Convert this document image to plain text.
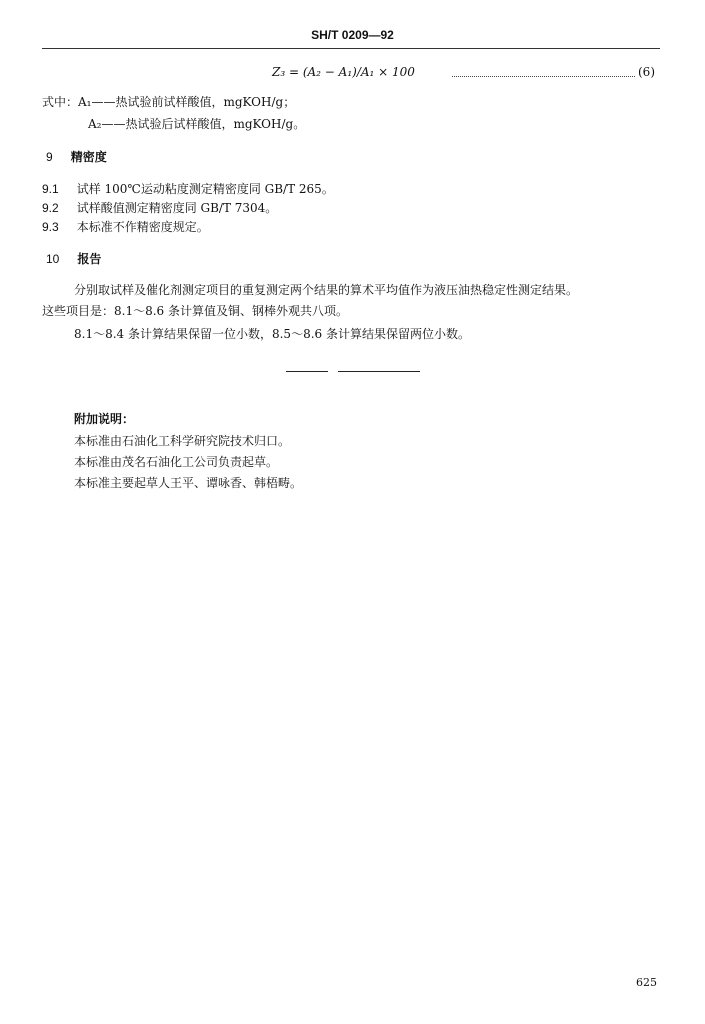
SH/T 0209—92
Z₃ = (A₂ − A₁)/A₁ × 100	(6)
式中：A₁——热试验前试样酸值，mgKOH/g；
A₂——热试验后试样酸值，mgKOH/g。
9 精密度
9.1 试样 100℃运动粘度测定精密度同 GB/T 265。
9.2 试样酸值测定精密度同 GB/T 7304。
9.3 本标准不作精密度规定。
10 报告
分别取试样及催化剂测定项目的重复测定两个结果的算术平均值作为液压油热稳定性测定结果。
这些项目是：8.1～8.6 条计算值及铜、钢棒外观共八项。
8.1～8.4 条计算结果保留一位小数，8.5～8.6 条计算结果保留两位小数。
附加说明：
本标准由石油化工科学研究院技术归口。
本标准由茂名石油化工公司负责起草。
本标准主要起草人王平、谭咏香、韩梧畴。
625
